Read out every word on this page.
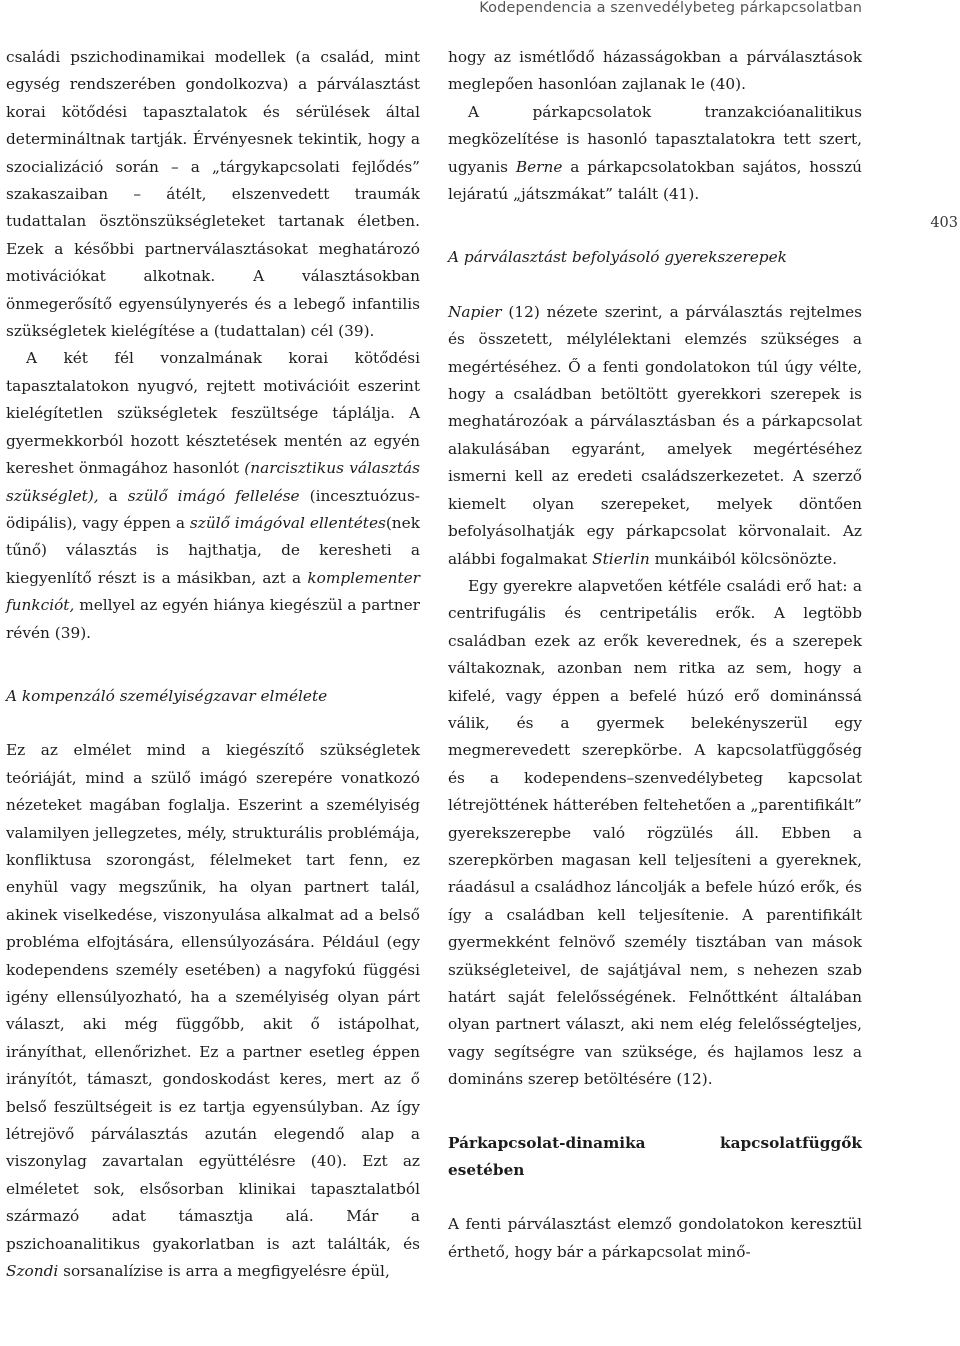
Kodependencia a szenvedélybeteg párkapcsolatban
403

családi pszichodinamikai modellek (a család, mint egység rendszerében gondolkozva) a párválasztást korai kötődési tapasztalatok és sérülések által determináltnak tartják. Érvényesnek tekintik, hogy a szocializáció során – a „tárgykapcsolati fejlődés” szakaszaiban – átélt, elszenvedett traumák tudattalan ösztönszükségleteket tartanak életben. Ezek a későbbi partnerválasztásokat meghatározó motivációkat alkotnak. A választásokban önmegerősítő egyensúlynyerés és a lebegő infantilis szükségletek kielégítése a (tudattalan) cél (39).

A két fél vonzalmának korai kötődési tapasztalatokon nyugvó, rejtett motivációit eszerint kielégítetlen szükségletek feszültsége táplálja. A gyermekkorból hozott késztetések mentén az egyén kereshet önmagához hasonlót (narcisztikus választás szükséglet), a szülő imágó fellelése (incesztuózus-ödipális), vagy éppen a szülő imágóval ellentétes(nek tűnő) választás is hajthatja, de keresheti a kiegyenlítő részt is a másikban, azt a komplementer funkciót, mellyel az egyén hiánya kiegészül a partner révén (39).

A kompenzáló személyiségzavar elmélete

Ez az elmélet mind a kiegészítő szükségletek teóriáját, mind a szülő imágó szerepére vonatkozó nézeteket magában foglalja. Eszerint a személyiség valamilyen jellegzetes, mély, strukturális problémája, konfliktusa szorongást, félelmeket tart fenn, ez enyhül vagy megszűnik, ha olyan partnert talál, akinek viselkedése, viszonyulása alkalmat ad a belső probléma elfojtására, ellensúlyozására. Például (egy kodependens személy esetében) a nagyfokú függési igény ellensúlyozható, ha a személyiség olyan párt választ, aki még függőbb, akit ő istápolhat, irányíthat, ellenőrizhet. Ez a partner esetleg éppen irányítót, támaszt, gondoskodást keres, mert az ő belső feszültségeit is ez tartja egyensúlyban. Az így létrejövő párválasztás azután elegendő alap a viszonylag zavartalan együttélésre (40). Ezt az elméletet sok, elsősorban klinikai tapasztalatból származó adat támasztja alá. Már a pszichoanalitikus gyakorlatban is azt találták, és Szondi sorsanalízise is arra a megfigyelésre épül,

hogy az ismétlődő házasságokban a párválasztások meglepően hasonlóan zajlanak le (40).

A párkapcsolatok tranzakcióanalitikus megközelítése is hasonló tapasztalatokra tett szert, ugyanis Berne a párkapcsolatokban sajátos, hosszú lejáratú „játszmákat” talált (41).

A párválasztást befolyásoló gyerekszerepek

Napier (12) nézete szerint, a párválasztás rejtelmes és összetett, mélylélektani elemzés szükséges a megértéséhez. Ő a fenti gondolatokon túl úgy vélte, hogy a családban betöltött gyerekkori szerepek is meghatározóak a párválasztásban és a párkapcsolat alakulásában egyaránt, amelyek megértéséhez ismerni kell az eredeti családszerkezetet. A szerző kiemelt olyan szerepeket, melyek döntően befolyásolhatják egy párkapcsolat körvonalait. Az alábbi fogalmakat Stierlin munkáiból kölcsönözte.

Egy gyerekre alapvetően kétféle családi erő hat: a centrifugális és centripetális erők. A legtöbb családban ezek az erők keverednek, és a szerepek váltakoznak, azonban nem ritka az sem, hogy a kifelé, vagy éppen a befelé húzó erő dominánssá válik, és a gyermek belekényszerül egy megmerevedett szerepkörbe. A kapcsolatfüggőség és a kodependens–szenvedélybeteg kapcsolat létrejöttének hátterében feltehetően a „parentifikált” gyerekszerepbe való rögzülés áll. Ebben a szerepkörben magasan kell teljesíteni a gyereknek, ráadásul a családhoz láncolják a befele húzó erők, és így a családban kell teljesítenie. A parentifikált gyermekként felnövő személy tisztában van mások szükségleteivel, de sajátjával nem, s nehezen szab határt saját felelősségének. Felnőttként általában olyan partnert választ, aki nem elég felelősségteljes, vagy segítségre van szüksége, és hajlamos lesz a domináns szerep betöltésére (12).

Párkapcsolat-dinamika kapcsolatfüggők esetében

A fenti párválasztást elemző gondolatokon keresztül érthető, hogy bár a párkapcsolat minő-
